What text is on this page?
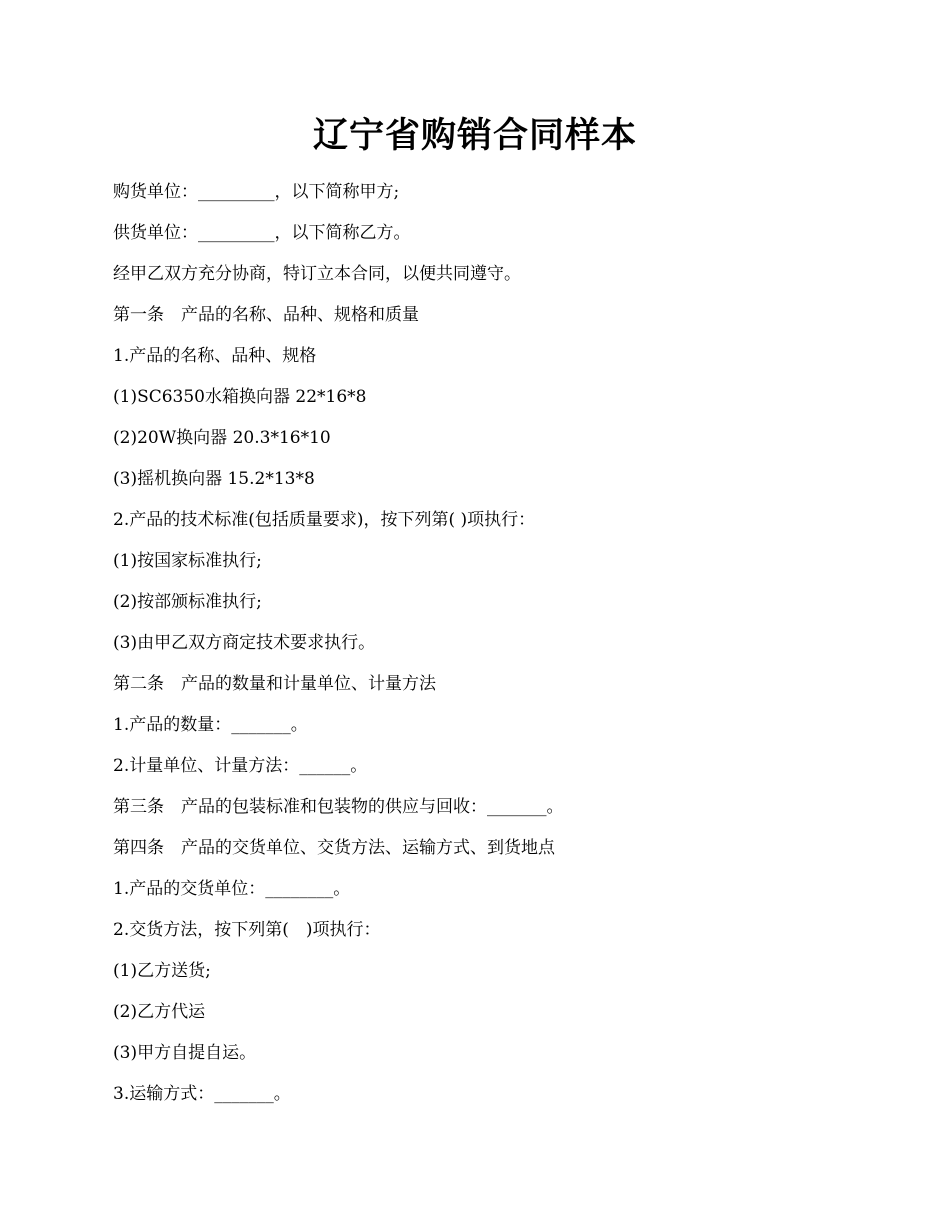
辽宁省购销合同样本
购货单位：_________，以下简称甲方;
供货单位：_________，以下简称乙方。
经甲乙双方充分协商，特订立本合同，以便共同遵守。
第一条　产品的名称、品种、规格和质量
1.产品的名称、品种、规格
(1)SC6350水箱换向器 22*16*8
(2)20W换向器 20.3*16*10
(3)摇机换向器 15.2*13*8
2.产品的技术标准(包括质量要求)，按下列第( )项执行：
(1)按国家标准执行;
(2)按部颁标准执行;
(3)由甲乙双方商定技术要求执行。
第二条　产品的数量和计量单位、计量方法
1.产品的数量：_______。
2.计量单位、计量方法：______。
第三条　产品的包装标准和包装物的供应与回收：_______。
第四条　产品的交货单位、交货方法、运输方式、到货地点
1.产品的交货单位：________。
2.交货方法，按下列第(　)项执行：
(1)乙方送货;
(2)乙方代运
(3)甲方自提自运。
3.运输方式：_______。
